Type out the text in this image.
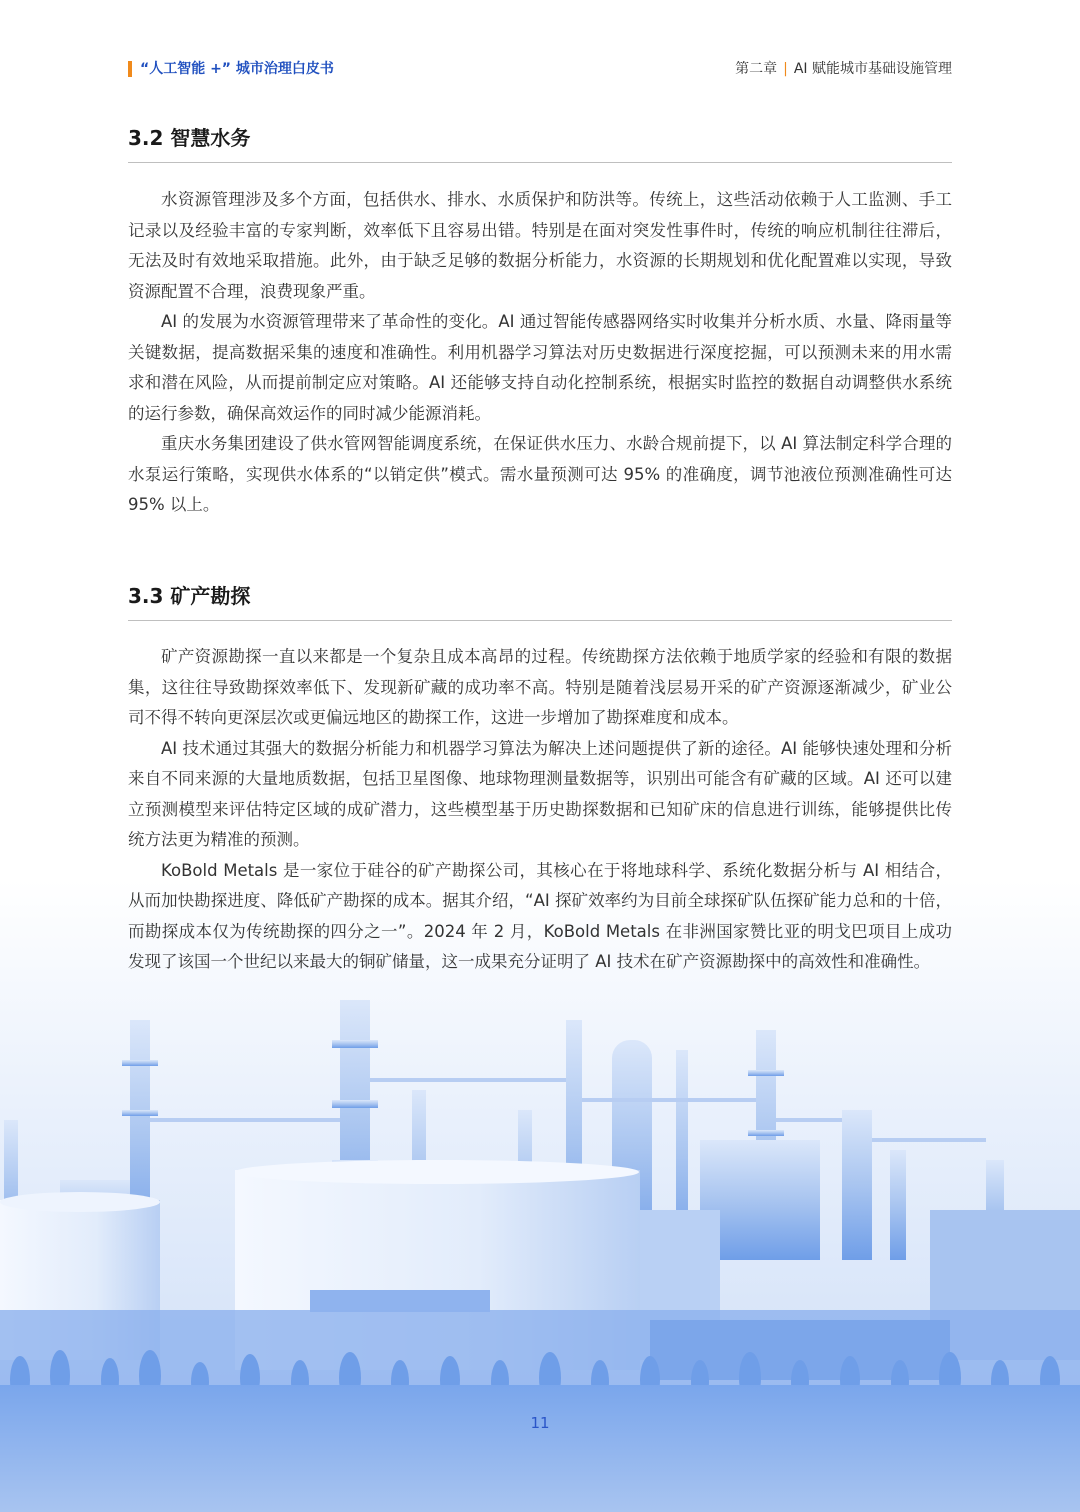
“人工智能 +” 城市治理白皮书	第二章 | AI 赋能城市基础设施管理
3.2 智慧水务

水资源管理涉及多个方面，包括供水、排水、水质保护和防洪等。传统上，这些活动依赖于人工监测、手工记录以及经验丰富的专家判断，效率低下且容易出错。特别是在面对突发性事件时，传统的响应机制往往滞后，无法及时有效地采取措施。此外，由于缺乏足够的数据分析能力，水资源的长期规划和优化配置难以实现，导致资源配置不合理，浪费现象严重。

AI 的发展为水资源管理带来了革命性的变化。AI 通过智能传感器网络实时收集并分析水质、水量、降雨量等关键数据，提高数据采集的速度和准确性。利用机器学习算法对历史数据进行深度挖掘，可以预测未来的用水需求和潜在风险，从而提前制定应对策略。AI 还能够支持自动化控制系统，根据实时监控的数据自动调整供水系统的运行参数，确保高效运作的同时减少能源消耗。

重庆水务集团建设了供水管网智能调度系统，在保证供水压力、水龄合规前提下，以 AI 算法制定科学合理的水泵运行策略，实现供水体系的“以销定供”模式。需水量预测可达 95% 的准确度，调节池液位预测准确性可达 95% 以上。

3.3 矿产勘探

矿产资源勘探一直以来都是一个复杂且成本高昂的过程。传统勘探方法依赖于地质学家的经验和有限的数据集，这往往导致勘探效率低下、发现新矿藏的成功率不高。特别是随着浅层易开采的矿产资源逐渐减少，矿业公司不得不转向更深层次或更偏远地区的勘探工作，这进一步增加了勘探难度和成本。

AI 技术通过其强大的数据分析能力和机器学习算法为解决上述问题提供了新的途径。AI 能够快速处理和分析来自不同来源的大量地质数据，包括卫星图像、地球物理测量数据等，识别出可能含有矿藏的区域。AI 还可以建立预测模型来评估特定区域的成矿潜力，这些模型基于历史勘探数据和已知矿床的信息进行训练，能够提供比传统方法更为精准的预测。

KoBold Metals 是一家位于硅谷的矿产勘探公司，其核心在于将地球科学、系统化数据分析与 AI 相结合，从而加快勘探进度、降低矿产勘探的成本。据其介绍，“AI 探矿效率约为目前全球探矿队伍探矿能力总和的十倍，而勘探成本仅为传统勘探的四分之一”。2024 年 2 月，KoBold Metals 在非洲国家赞比亚的明戈巴项目上成功发现了该国一个世纪以来最大的铜矿储量，这一成果充分证明了 AI 技术在矿产资源勘探中的高效性和准确性。

11
